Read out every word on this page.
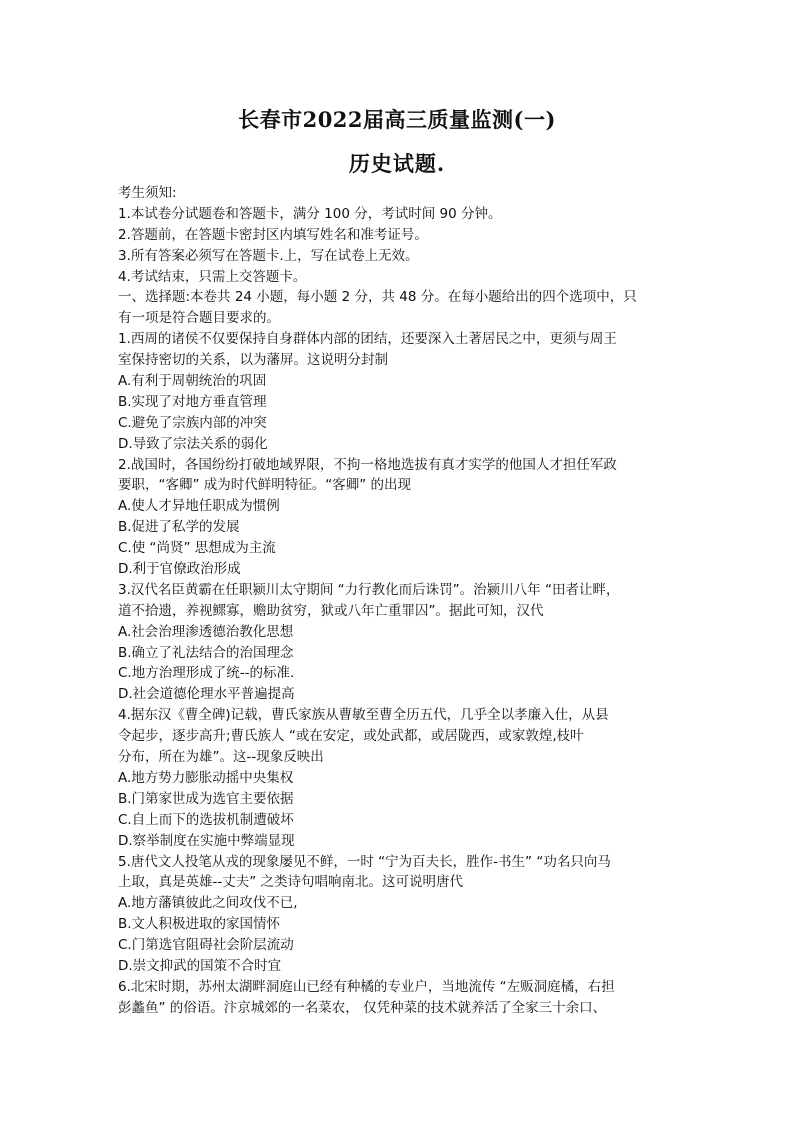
长春市2022届高三质量监测(一)
历史试题.
考生须知:
1.本试卷分试题卷和答题卡，满分 100 分，考试时间 90 分钟。
2.答题前，在答题卡密封区内填写姓名和准考证号。
3.所有答案必须写在答题卡.上，写在试卷上无效。
4.考试结束，只需上交答题卡。
一、选择题:本卷共 24 小题，每小题 2 分，共 48 分。在每小题给出的四个选项中，只
有一项是符合题目要求的。
1.西周的诸侯不仅要保持自身群体内部的团结，还要深入土著居民之中，更须与周王
室保持密切的关系，以为藩屏。这说明分封制
A.有利于周朝统治的巩固
B.实现了对地方垂直管理
C.避免了宗族内部的冲突
D.导致了宗法关系的弱化
2.战国时，各国纷纷打破地域界限，不拘一格地选拔有真才实学的他国人才担任军政
要职，“客卿” 成为时代鲜明特征。“客卿” 的出现
A.使人才异地任职成为惯例
B.促进了私学的发展
C.使 “尚贤” 思想成为主流
D.利于官僚政治形成
3.汉代名臣黄霸在任职颍川太守期间 “力行教化而后诛罚”。治颍川八年 “田者让畔，
道不拾遗，养视鳏寡，赡助贫穷，狱或八年亡重罪囚”。据此可知，汉代
A.社会治理渗透德治教化思想
B.确立了礼法结合的治国理念
C.地方治理形成了统--的标准.
D.社会道德伦理水平普遍提高
4.据东汉《曹全碑)记载，曹氏家族从曹敏至曹全历五代，几乎全以孝廉入仕，从县
令起步，逐步高升;曹氏族人 “或在安定，或处武都，或居陇西，或家敦煌,枝叶
分布，所在为雄”。这--现象反映出
A.地方势力膨胀动摇中央集权
B.门第家世成为选官主要依据
C.自上而下的选拔机制遭破坏
D.察举制度在实施中弊端显现
5.唐代文人投笔从戎的现象屡见不鲜，一时 “宁为百夫长，胜作-书生” “功名只向马
上取，真是英雄--丈夫” 之类诗句唱响南北。这可说明唐代
A.地方藩镇彼此之间攻伐不已,
B.文人积极进取的家国情怀
C.门第选官阻碍社会阶层流动
D.崇文抑武的国策不合时宜
6.北宋时期，苏州太湖畔洞庭山已经有种橘的专业户，当地流传 “左贩洞庭橘，右担
彭蠡鱼” 的俗语。汴京城郊的一名菜农， 仅凭种菜的技术就养活了全家三十余口、
